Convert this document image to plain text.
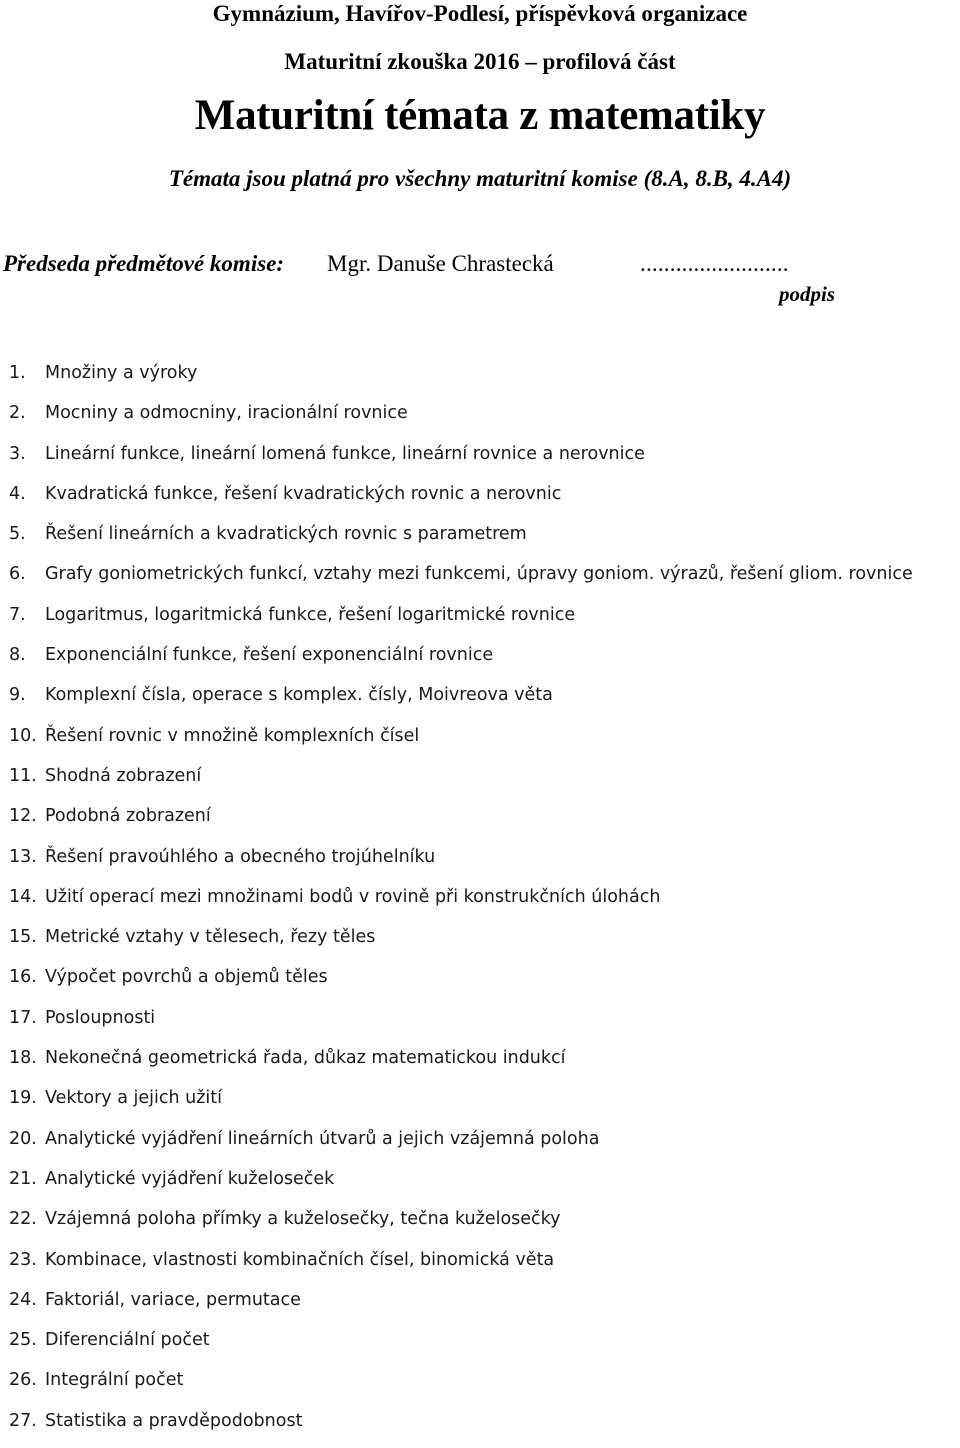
Gymnázium, Havířov-Podlesí, příspěvková organizace
Maturitní zkouška 2016 – profilová část
Maturitní témata z matematiky
Témata jsou platná pro všechny maturitní komise (8.A, 8.B, 4.A4)
Předseda předmětové komise: Mgr. Danuše Chrastecká	.........................
podpis
1. Množiny a výroky
2. Mocniny a odmocniny, iracionální rovnice
3. Lineární funkce, lineární lomená funkce, lineární rovnice a nerovnice
4. Kvadratická funkce, řešení kvadratických rovnic a nerovnic
5. Řešení lineárních a kvadratických rovnic s parametrem
6. Grafy goniometrických funkcí, vztahy mezi funkcemi, úpravy goniom. výrazů, řešení gliom. rovnice
7. Logaritmus, logaritmická funkce, řešení logaritmické rovnice
8. Exponenciální funkce, řešení exponenciální rovnice
9. Komplexní čísla, operace s komplex. čísly, Moivreova věta
10. Řešení rovnic v množině komplexních čísel
11. Shodná zobrazení
12. Podobná zobrazení
13. Řešení pravoúhlého a obecného trojúhelníku
14. Užití operací mezi množinami bodů v rovině při konstrukčních úlohách
15. Metrické vztahy v tělesech, řezy těles
16. Výpočet povrchů a objemů těles
17. Posloupnosti
18. Nekonečná geometrická řada, důkaz matematickou indukcí
19. Vektory a jejich užití
20. Analytické vyjádření lineárních útvarů a jejich vzájemná poloha
21. Analytické vyjádření kuželoseček
22. Vzájemná poloha přímky a kuželosečky, tečna kuželosečky
23. Kombinace, vlastnosti kombinačních čísel, binomická věta
24. Faktoriál, variace, permutace
25. Diferenciální počet
26. Integrální počet
27. Statistika a pravděpodobnost
